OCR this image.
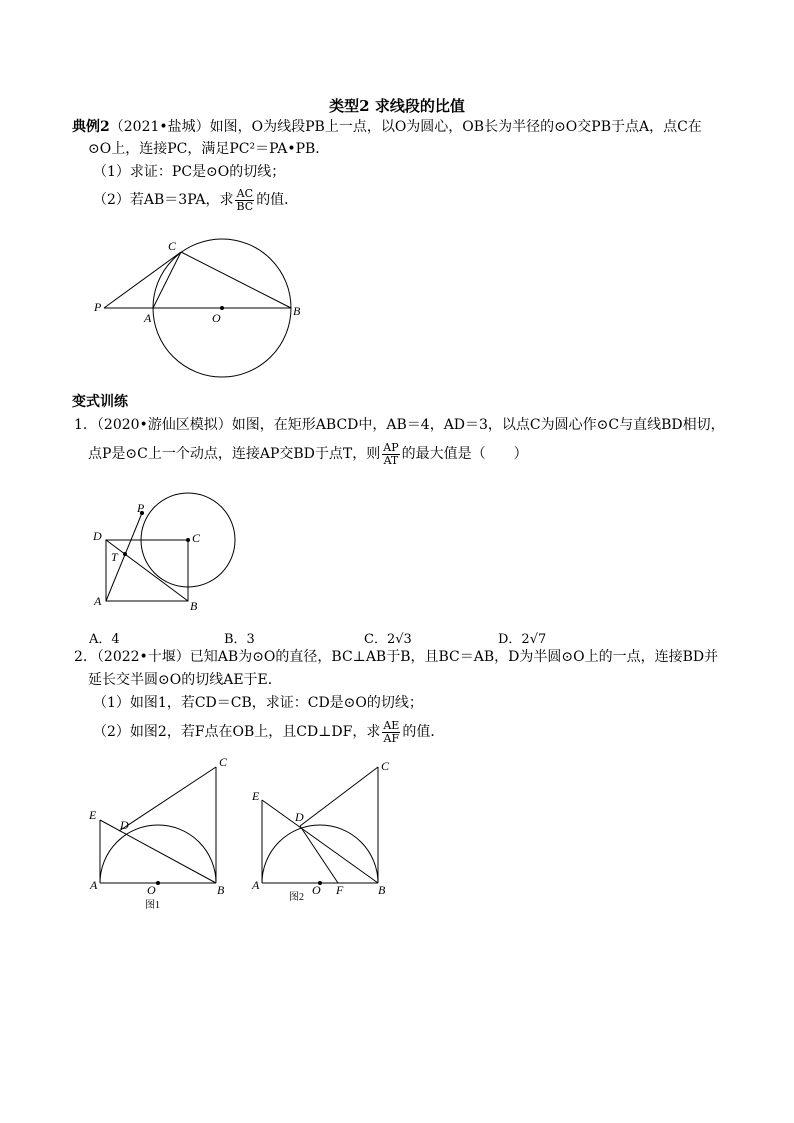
类型2 求线段的比值
典例2（2021•盐城）如图，O为线段PB上一点，以O为圆心，OB长为半径的⊙O交PB于点A，点C在
⊙O上，连接PC，满足PC²＝PA•PB．
（1）求证：PC是⊙O的切线；
（2）若AB＝3PA，求 $\frac{AC}{BC}$ 的值．
C
P
A	O	B
P
D	C
T
A	B
C
E
D
A	O	B
图1
C
E
D
A	O F	B
图2
变式训练
1．（2020•游仙区模拟）如图，在矩形ABCD中，AB＝4，AD＝3，以点C为圆心作⊙C与直线BD相切，
点P是⊙C上一个动点，连接AP交BD于点T，则 $\frac{AP}{AT}$ 的最大值是（　　）
A．4	B．3	C．2√3	D．2√7
2．（2022•十堰）已知AB为⊙O的直径，BC⊥AB于B，且BC＝AB，D为半圆⊙O上的一点，连接BD并
延长交半圆⊙O的切线AE于E．
（1）如图1，若CD＝CB，求证：CD是⊙O的切线；
（2）如图2，若F点在OB上，且CD⊥DF，求 $\frac{AE}{AF}$ 的值．
